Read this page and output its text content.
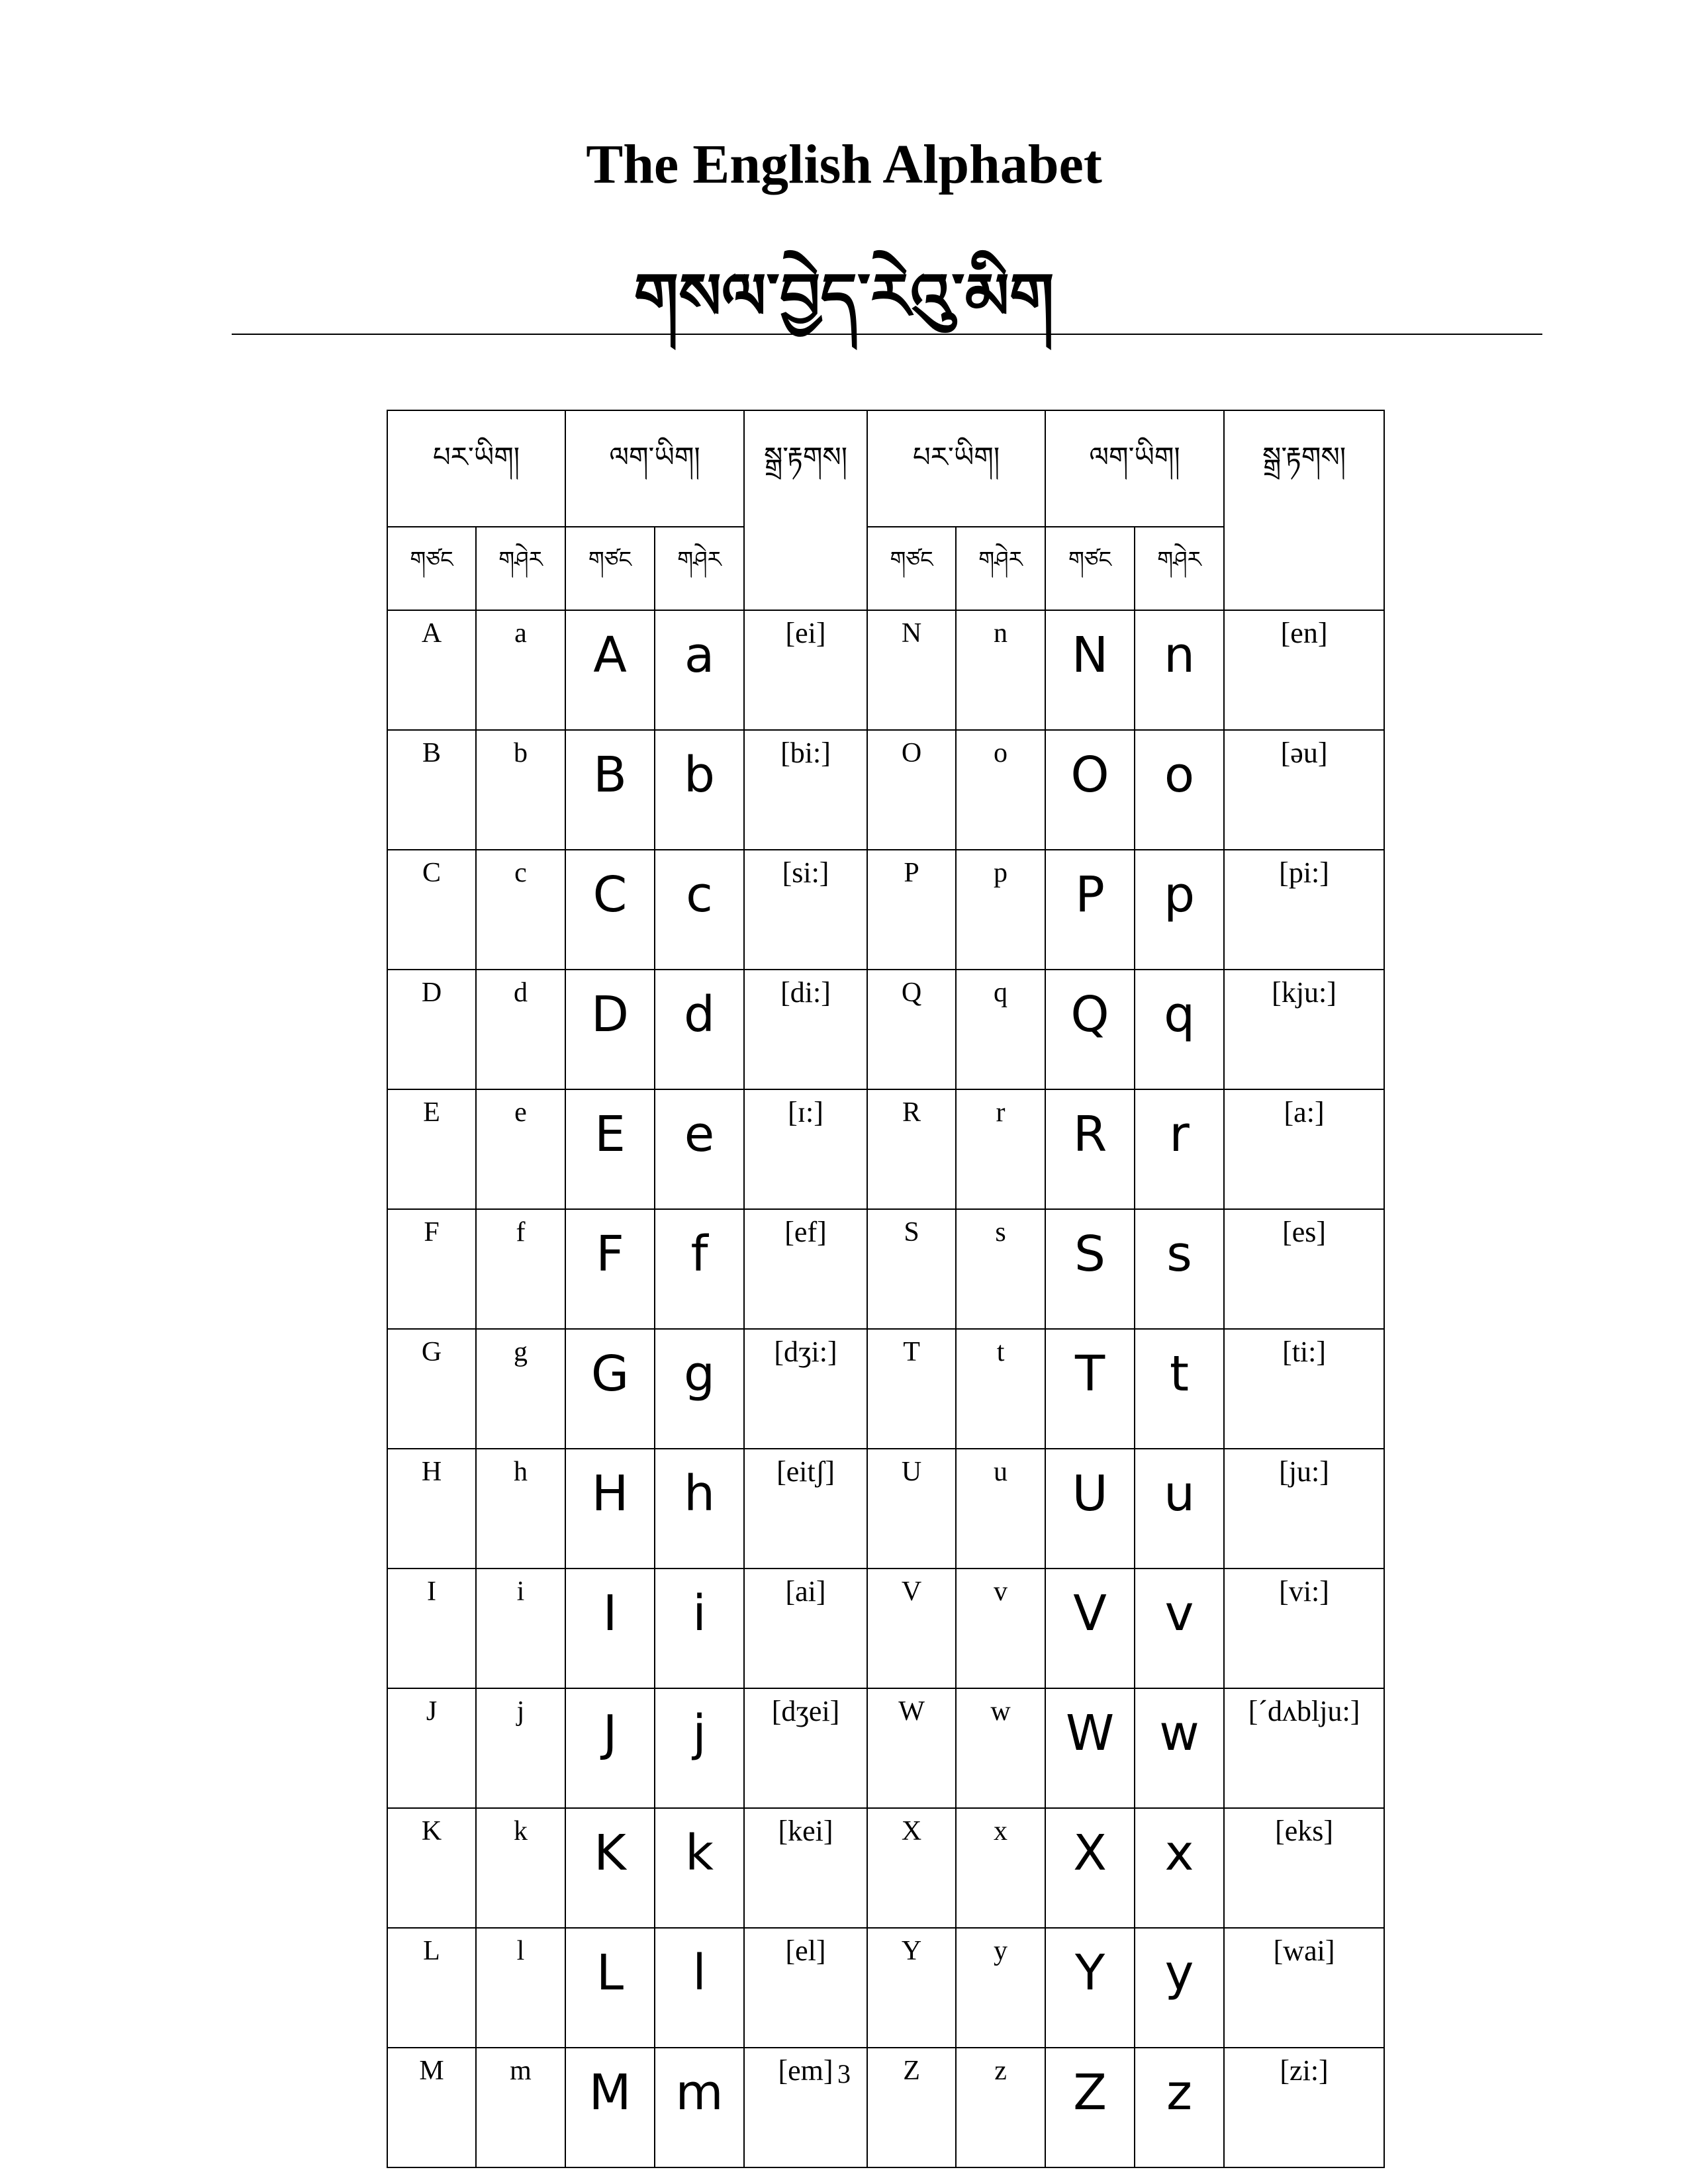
The English Alphabet
གསལ་བྱེད་རེའུ་མིག
པར་ཡིག།		ལག་ཡིག།		སྒྲ་རྟགས།	པར་ཡིག།		ལག་ཡིག།		སྒྲ་རྟགས།
གཙང	གཤེར	གཙང	གཤེར		གཙང	གཤེར	གཙང	གཤེར	
A	a	A	a	[ei]	N	n	N	n	[en]
B	b	B	b	[bi:]	O	o	O	o	[əu]
C	c	C	c	[si:]	P	p	P	p	[pi:]
D	d	D	d	[di:]	Q	q	Q	q	[kju:]
E	e	E	e	[ɪ:]	R	r	R	r	[a:]
F	f	F	f	[ef]	S	s	S	s	[es]
G	g	G	g	[dʒi:]	T	t	T	t	[ti:]
H	h	H	h	[eitʃ]	U	u	U	u	[ju:]
I	i	I	i	[ai]	V	v	V	v	[vi:]
J	j	J	j	[dʒei]	W	w	W	w	[ˊdʌblju:]
K	k	K	k	[kei]	X	x	X	x	[eks]
L	l	L	l	[el]	Y	y	Y	y	[wai]
M	m	M	m	[em]	Z	z	Z	z	[zi:]
3
